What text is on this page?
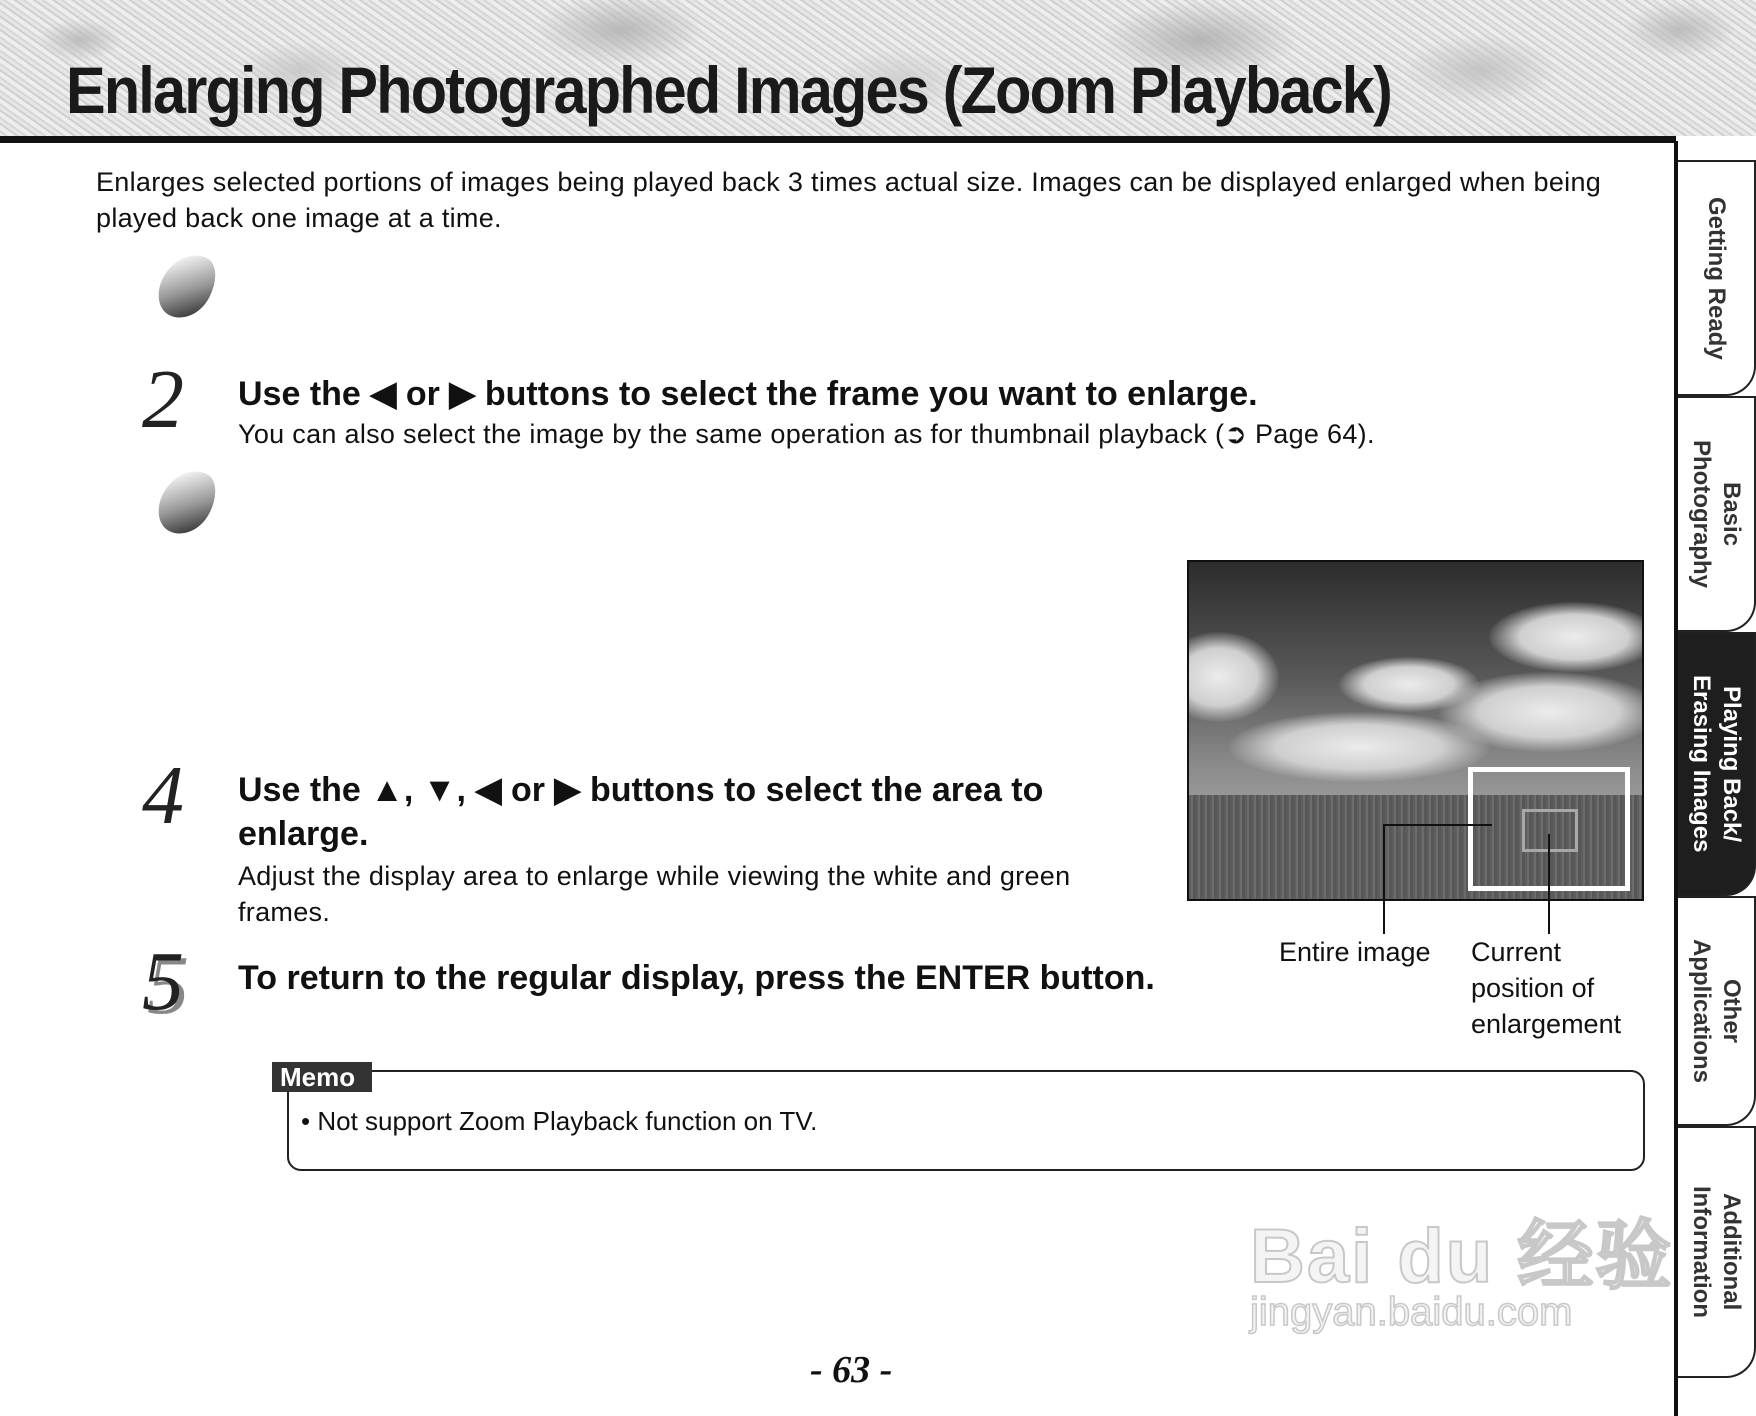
Enlarging Photographed Images (Zoom Playback)

Enlarges selected portions of images being played back 3 times actual size. Images can be displayed enlarged when being played back one image at a time.

2 Use the ◀ or ▶ buttons to select the frame you want to enlarge.
You can also select the image by the same operation as for thumbnail playback (➲ Page 64).
4 Use the ▲, ▼, ◀ or ▶ buttons to select the area to
enlarge.
Adjust the display area to enlarge while viewing the white and green
frames.
5 To return to the regular display, press the ENTER button.
Entire image Current
position of
enlargement
Memo
• Not support Zoom Playback function on TV.
Bai du 经验
jingyan.baidu.com
- 63 -
Getting Ready
Basic
Photography
Playing Back/
Erasing Images
Other
Applications
Additional
Information
